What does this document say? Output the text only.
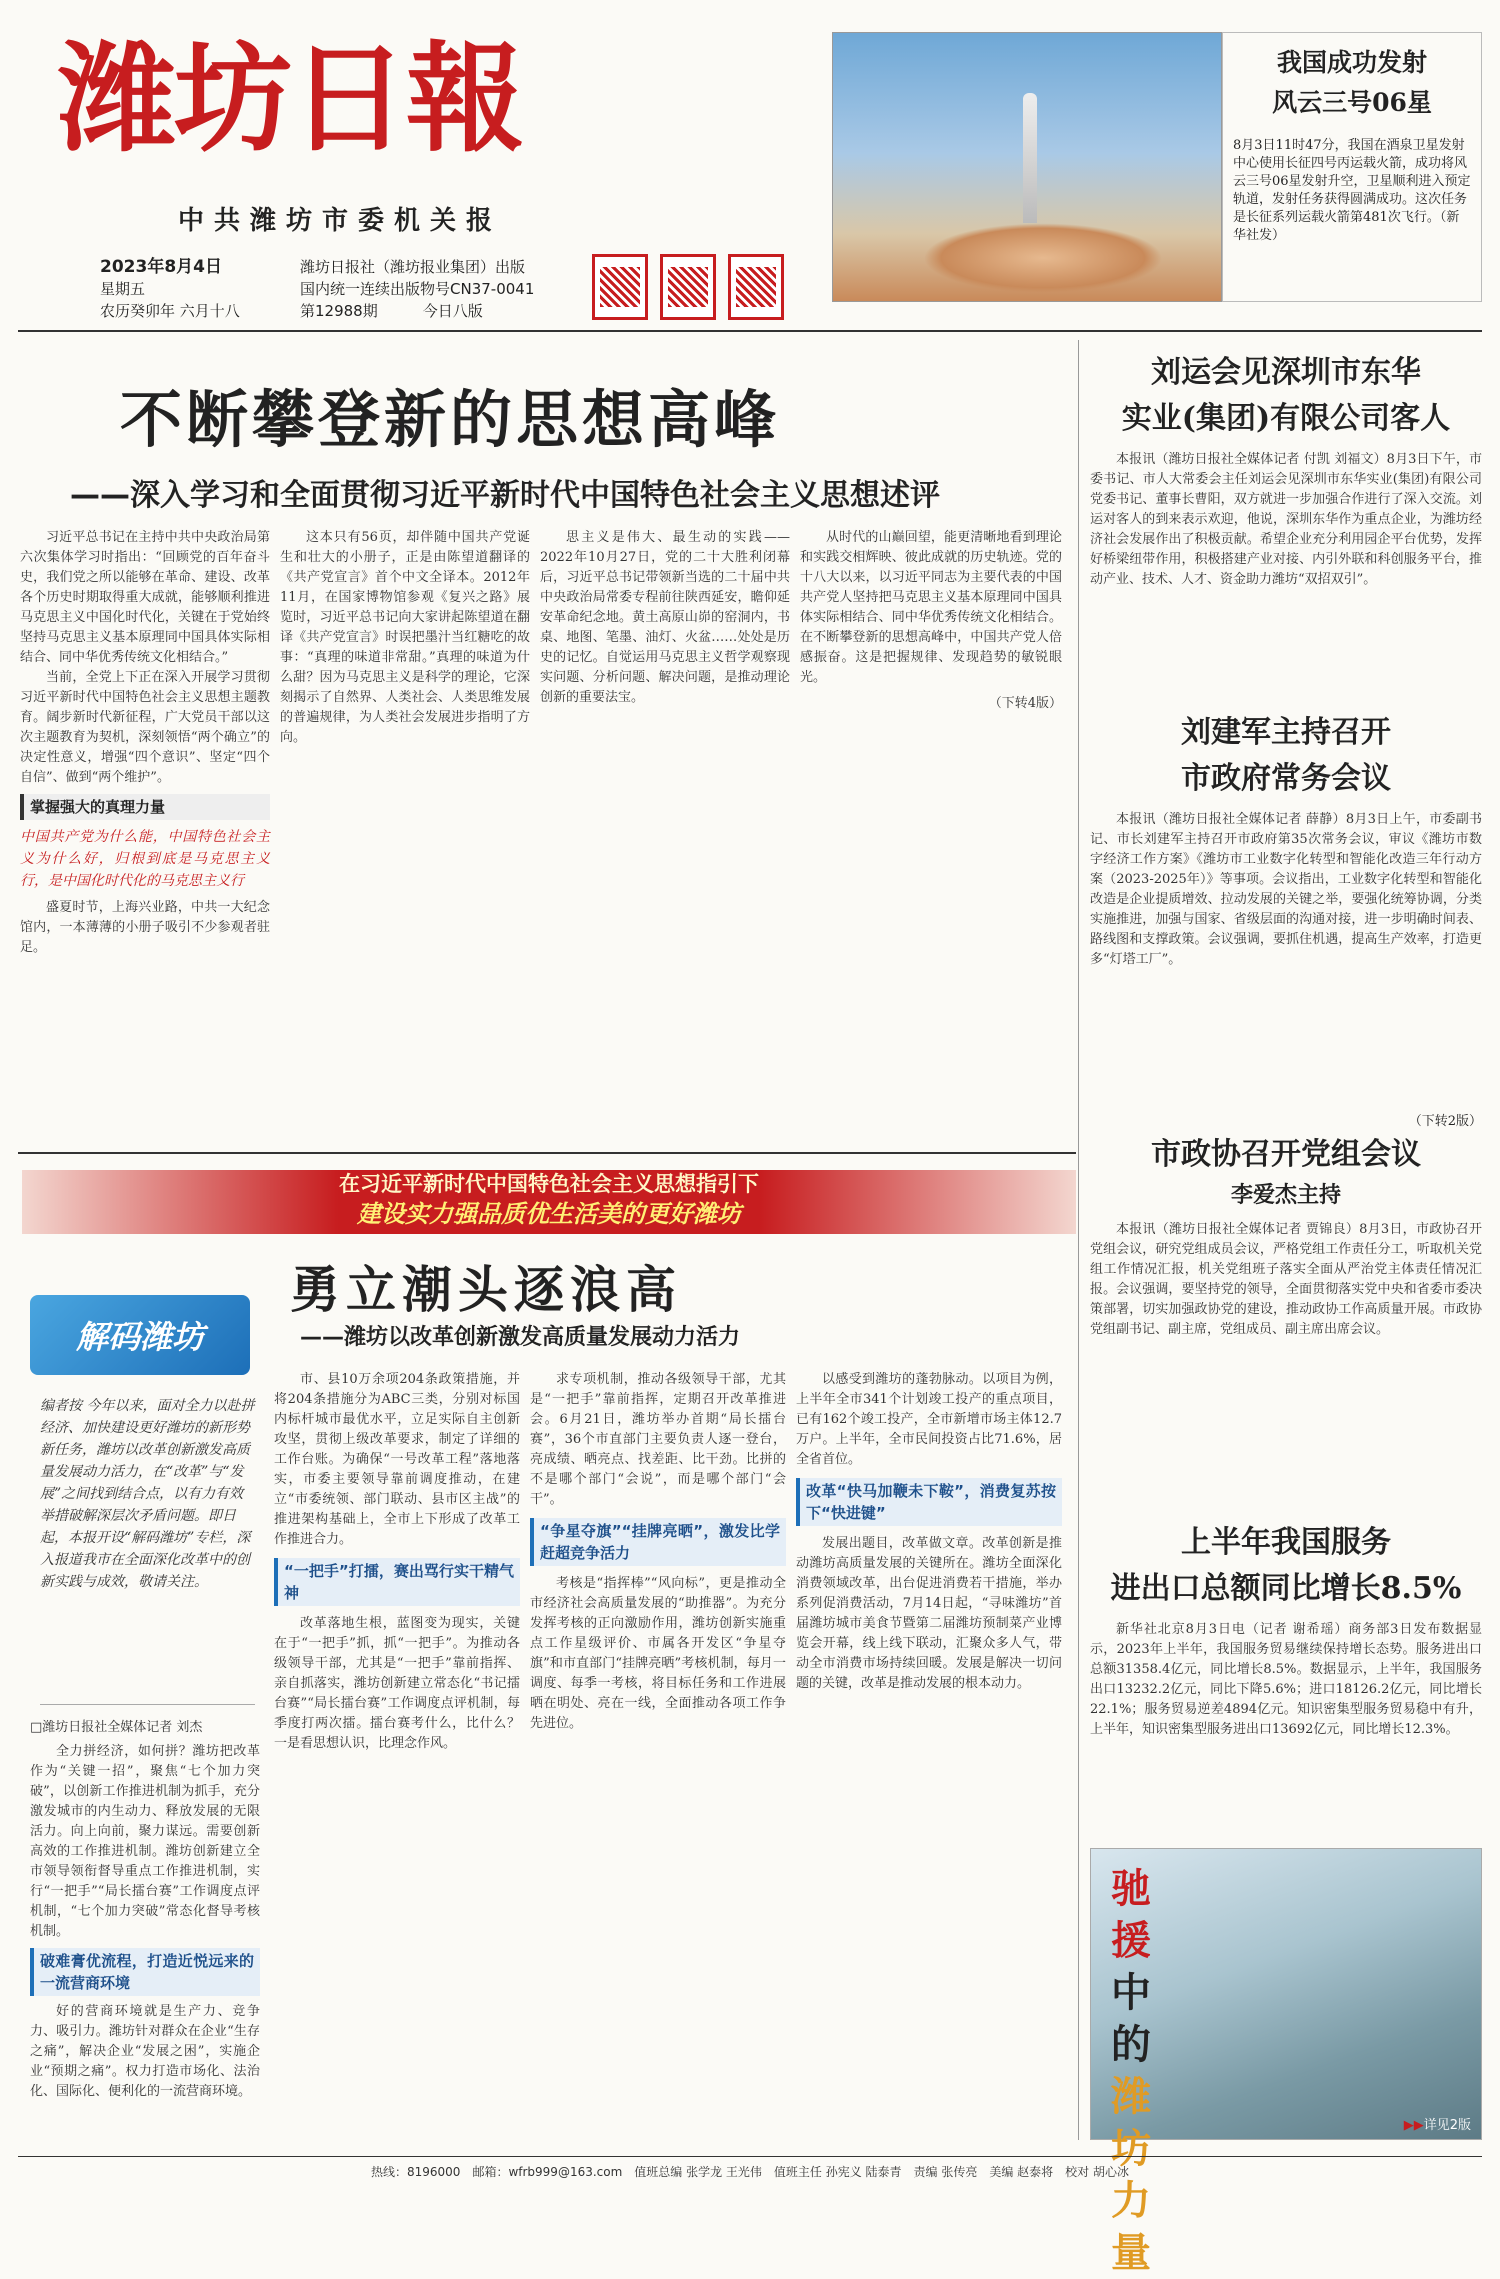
潍坊日報
中共潍坊市委机关报
2023年8月4日
星期五
农历癸卯年 六月十八
潍坊日报社（潍坊报业集团）出版
国内统一连续出版物号CN37-0041
第12988期　　　	今日八版
我国成功发射
风云三号06星

8月3日11时47分，我国在酒泉卫星发射中心使用长征四号丙运载火箭，成功将风云三号06星发射升空，卫星顺利进入预定轨道，发射任务获得圆满成功。这次任务是长征系列运载火箭第481次飞行。（新华社发）

不断攀登新的思想高峰
——深入学习和全面贯彻习近平新时代中国特色社会主义思想述评

习近平总书记在主持中共中央政治局第六次集体学习时指出：“回顾党的百年奋斗史，我们党之所以能够在革命、建设、改革各个历史时期取得重大成就，能够顺利推进马克思主义中国化时代化，关键在于党始终坚持马克思主义基本原理同中国具体实际相结合、同中华优秀传统文化相结合。”

当前，全党上下正在深入开展学习贯彻习近平新时代中国特色社会主义思想主题教育。阔步新时代新征程，广大党员干部以这次主题教育为契机，深刻领悟“两个确立”的决定性意义，增强“四个意识”、坚定“四个自信”、做到“两个维护”。

掌握强大的真理力量
中国共产党为什么能，中国特色社会主义为什么好，归根到底是马克思主义行，是中国化时代化的马克思主义行

盛夏时节，上海兴业路，中共一大纪念馆内，一本薄薄的小册子吸引不少参观者驻足。

这本只有56页，却伴随中国共产党诞生和壮大的小册子，正是由陈望道翻译的《共产党宣言》首个中文全译本。2012年11月，在国家博物馆参观《复兴之路》展览时，习近平总书记向大家讲起陈望道在翻译《共产党宣言》时误把墨汁当红糖吃的故事：“真理的味道非常甜。”真理的味道为什么甜？因为马克思主义是科学的理论，它深刻揭示了自然界、人类社会、人类思维发展的普遍规律，为人类社会发展进步指明了方向。

思主义是伟大、最生动的实践——2022年10月27日，党的二十大胜利闭幕后，习近平总书记带领新当选的二十届中共中央政治局常委专程前往陕西延安，瞻仰延安革命纪念地。黄土高原山峁的窑洞内，书桌、地图、笔墨、油灯、火盆……处处是历史的记忆。自觉运用马克思主义哲学观察现实问题、分析问题、解决问题，是推动理论创新的重要法宝。

从时代的山巅回望，能更清晰地看到理论和实践交相辉映、彼此成就的历史轨迹。党的十八大以来，以习近平同志为主要代表的中国共产党人坚持把马克思主义基本原理同中国具体实际相结合、同中华优秀传统文化相结合。在不断攀登新的思想高峰中，中国共产党人倍感振奋。这是把握规律、发现趋势的敏锐眼光。

（下转4版）
刘运会见深圳市东华
实业(集团)有限公司客人

本报讯（潍坊日报社全媒体记者 付凯 刘福文）8月3日下午，市委书记、市人大常委会主任刘运会见深圳市东华实业(集团)有限公司党委书记、董事长曹阳，双方就进一步加强合作进行了深入交流。刘运对客人的到来表示欢迎，他说，深圳东华作为重点企业，为潍坊经济社会发展作出了积极贡献。希望企业充分利用园企平台优势，发挥好桥梁纽带作用，积极搭建产业对接、内引外联和科创服务平台，推动产业、技术、人才、资金助力潍坊“双招双引”。

刘建军主持召开
市政府常务会议

本报讯（潍坊日报社全媒体记者 薛静）8月3日上午，市委副书记、市长刘建军主持召开市政府第35次常务会议，审议《潍坊市数字经济工作方案》《潍坊市工业数字化转型和智能化改造三年行动方案（2023-2025年）》等事项。会议指出，工业数字化转型和智能化改造是企业提质增效、拉动发展的关键之举，要强化统筹协调，分类实施推进，加强与国家、省级层面的沟通对接，进一步明确时间表、路线图和支撑政策。会议强调，要抓住机遇，提高生产效率，打造更多“灯塔工厂”。

（下转2版）
市政协召开党组会议
李爱杰主持

本报讯（潍坊日报社全媒体记者 贾锦良）8月3日，市政协召开党组会议，研究党组成员会议，严格党组工作责任分工，听取机关党组工作情况汇报，机关党组班子落实全面从严治党主体责任情况汇报。会议强调，要坚持党的领导，全面贯彻落实党中央和省委市委决策部署，切实加强政协党的建设，推动政协工作高质量开展。市政协党组副书记、副主席，党组成员、副主席出席会议。

上半年我国服务
进出口总额同比增长8.5%

新华社北京8月3日电（记者 谢希瑶）商务部3日发布数据显示，2023年上半年，我国服务贸易继续保持增长态势。服务进出口总额31358.4亿元，同比增长8.5%。数据显示，上半年，我国服务出口13232.2亿元，同比下降5.6%；进口18126.2亿元，同比增长22.1%；服务贸易逆差4894亿元。知识密集型服务贸易稳中有升，上半年，知识密集型服务进出口13692亿元，同比增长12.3%。

驰援
中的
潍坊力量
▶▶详见2版
在习近平新时代中国特色社会主义思想指引下
建设实力强品质优生活美的更好潍坊
勇立潮头逐浪高
——潍坊以改革创新激发高质量发展动力活力
解码潍坊
编者按 今年以来，面对全力以赴拼经济、加快建设更好潍坊的新形势新任务，潍坊以改革创新激发高质量发展动力活力，在“改革”与“发展”之间找到结合点，以有力有效举措破解深层次矛盾问题。即日起，本报开设“解码潍坊”专栏，深入报道我市在全面深化改革中的创新实践与成效，敬请关注。
□潍坊日报社全媒体记者 刘杰

全力拼经济，如何拼？潍坊把改革作为“关键一招”，聚焦“七个加力突破”，以创新工作推进机制为抓手，充分激发城市的内生动力、释放发展的无限活力。向上向前，聚力谋远。需要创新高效的工作推进机制。潍坊创新建立全市领导领衔督导重点工作推进机制，实行“一把手”“局长擂台赛”工作调度点评机制，“七个加力突破”常态化督导考核机制。

破难膏优流程，打造近悦远来的一流营商环境

好的营商环境就是生产力、竞争力、吸引力。潍坊针对群众在企业“生存之痛”，解决企业“发展之困”，实施企业“预期之痛”。权力打造市场化、法治化、国际化、便利化的一流营商环境。

市、县10万余项204条政策措施，并将204条措施分为ABC三类，分别对标国内标杆城市最优水平，立足实际自主创新攻坚，贯彻上级改革要求，制定了详细的工作台账。为确保“一号改革工程”落地落实，市委主要领导靠前调度推动，在建立“市委统领、部门联动、县市区主战”的推进架构基础上，全市上下形成了改革工作推进合力。

“一把手”打擂，赛出骂行实干精气神

改革落地生根，蓝图变为现实，关键在于“一把手”抓，抓“一把手”。为推动各级领导干部，尤其是“一把手”靠前指挥、亲自抓落实，潍坊创新建立常态化“书记擂台赛”“局长擂台赛”工作调度点评机制，每季度打两次擂。擂台赛考什么，比什么？一是看思想认识，比理念作风。

求专项机制，推动各级领导干部，尤其是“一把手”靠前指挥，定期召开改革推进会。6月21日，潍坊举办首期“局长擂台赛”，36个市直部门主要负责人逐一登台，亮成绩、晒亮点、找差距、比干劲。比拼的不是哪个部门“会说”，而是哪个部门“会干”。

“争星夺旗”“挂牌亮晒”，激发比学赶超竞争活力

考核是“指挥棒”“风向标”，更是推动全市经济社会高质量发展的“助推器”。为充分发挥考核的正向激励作用，潍坊创新实施重点工作星级评价、市属各开发区“争星夺旗”和市直部门“挂牌亮晒”考核机制，每月一调度、每季一考核，将目标任务和工作进展晒在明处、亮在一线，全面推动各项工作争先进位。

以感受到潍坊的蓬勃脉动。以项目为例，上半年全市341个计划竣工投产的重点项目，已有162个竣工投产，全市新增市场主体12.7万户。上半年，全市民间投资占比71.6%，居全省首位。

改革“快马加鞭未下鞍”，消费复苏按下“快进键”

发展出题目，改革做文章。改革创新是推动潍坊高质量发展的关键所在。潍坊全面深化消费领域改革，出台促进消费若干措施，举办系列促消费活动，7月14日起，“寻味潍坊”首届潍坊城市美食节暨第二届潍坊预制菜产业博览会开幕，线上线下联动，汇聚众多人气，带动全市消费市场持续回暖。发展是解决一切问题的关键，改革是推动发展的根本动力。

热线：8196000　邮箱：wfrb999@163.com　值班总编 张学龙 王光伟　值班主任 孙宪义 陆泰青　责编 张传亮　美编 赵泰将　校对 胡心冰
